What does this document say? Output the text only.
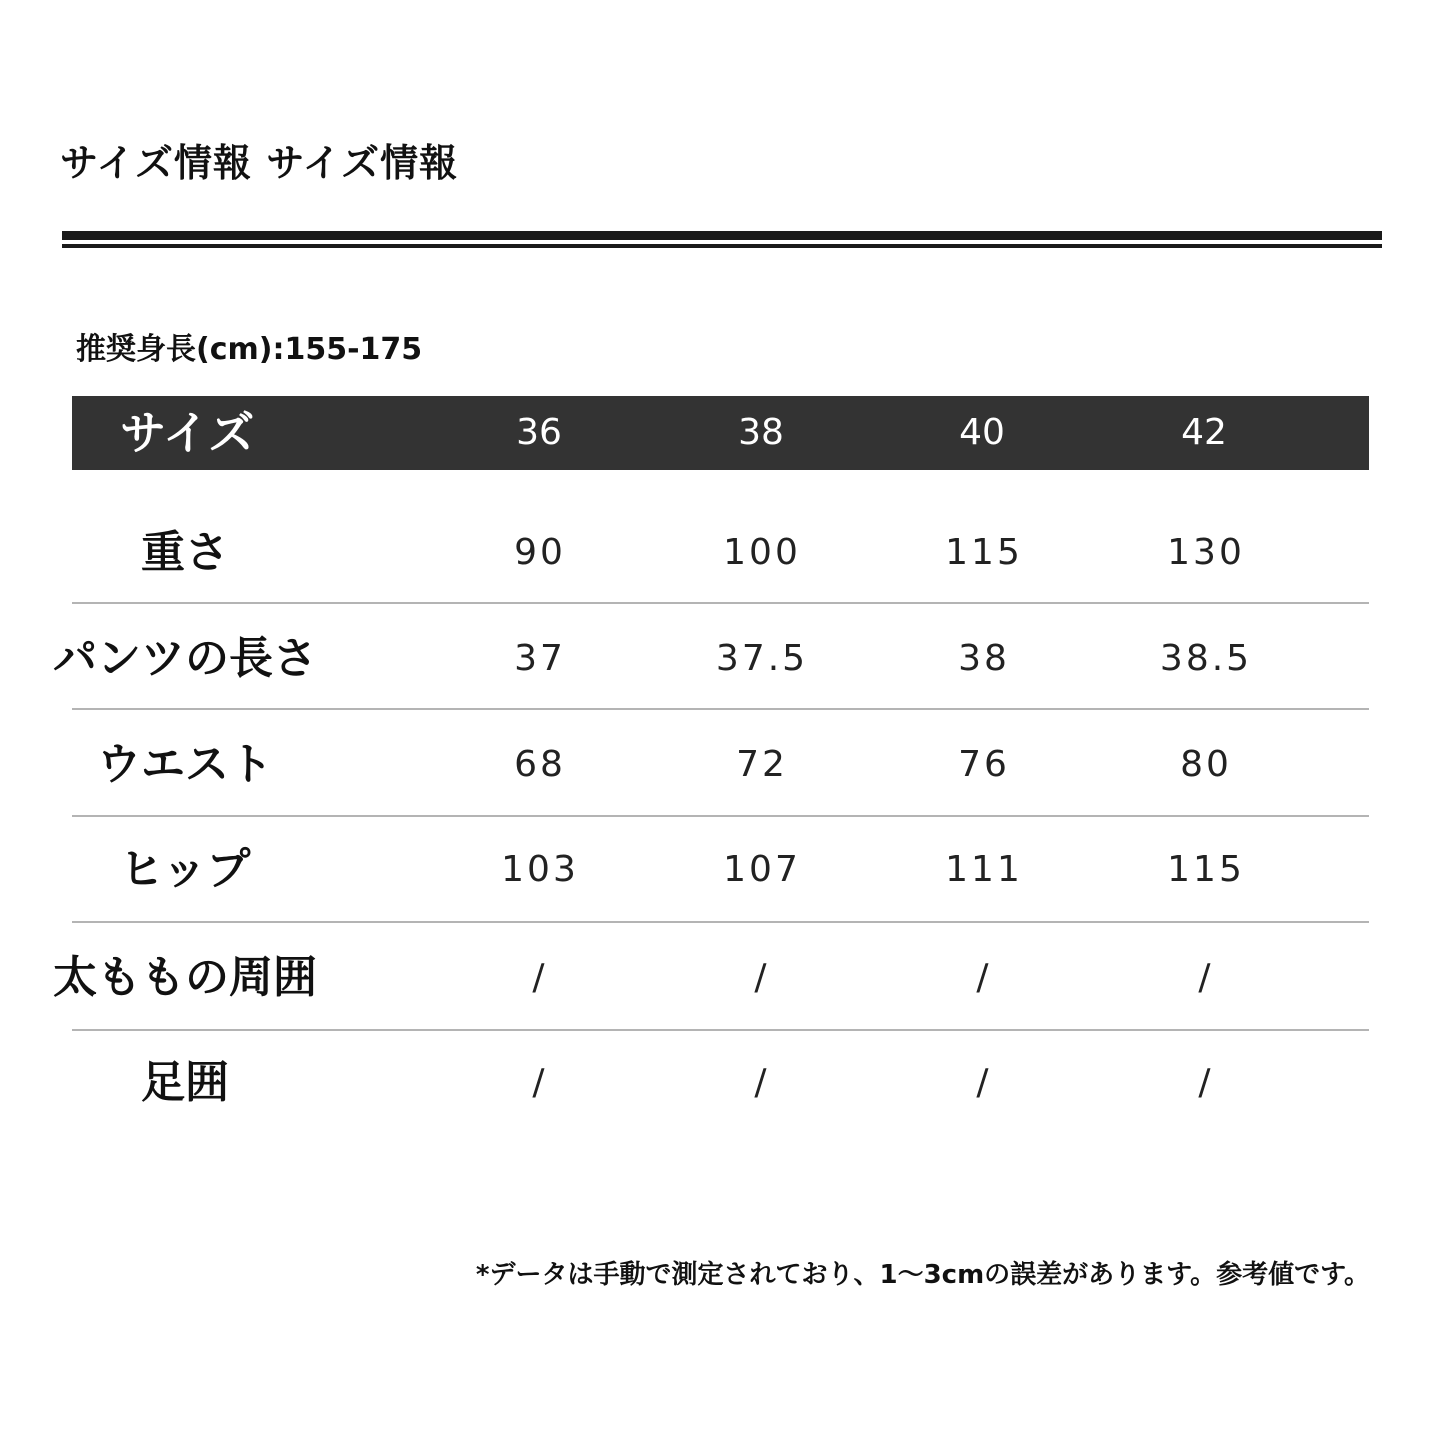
サイズ情報 サイズ情報
推奨身長(cm):155-175
サイズ	36	38	40	42
重さ	90	100	115	130
パンツの長さ	37	37.5	38	38.5
ウエスト	68	72	76	80
ヒップ	103	107	111	115
太ももの周囲	/	/	/	/
足囲	/	/	/	/
*データは手動で測定されており、1～3cmの誤差があります。参考値です。
